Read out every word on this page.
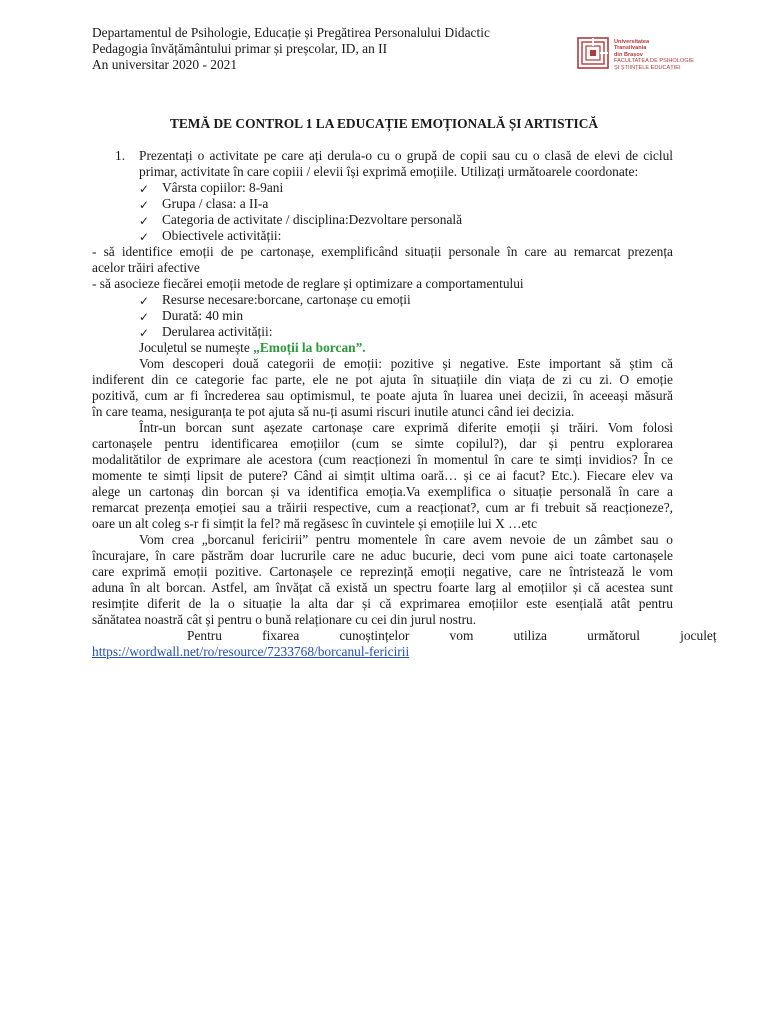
Departamentul de Psihologie, Educație și Pregătirea Personalului Didactic
Pedagogia învățământului primar și preșcolar, ID, an II
An universitar 2020 - 2021
Universitatea
Transilvania
din Brașov
FACULTATEA DE PSIHOLOGIE
ȘI ȘTIINȚELE EDUCAȚIEI
TEMĂ DE CONTROL 1 LA EDUCAȚIE EMOȚIONALĂ ȘI ARTISTICĂ
1. Prezentați o activitate pe care ați derula-o cu o grupă de copii sau cu o clasă de elevi de ciclul
primar, activitate în care copiii / elevii își exprimă emoțiile. Utilizați următoarele coordonate:
✓
Vârsta copiilor: 8-9ani
✓
Grupa / clasa: a II-a
✓
Categoria de activitate / disciplina:Dezvoltare personală
✓
Obiectivele activității:
- să identifice emoții de pe cartonașe, exemplificând situații personale în care au remarcat prezența
acelor trăiri afective
- să asocieze fiecărei emoții metode de reglare și optimizare a comportamentului
✓
Resurse necesare:borcane, cartonașe cu emoții
✓
Durată: 40 min
✓
Derularea activității:
Jocul̦etul se numește „Emoții la borcan”.
Vom descoperi două categorii de emoții: pozitive și negative. Este important să știm că
indiferent din ce categorie fac parte, ele ne pot ajuta în situațiile din viața de zi cu zi. O emoție
pozitivă, cum ar fi încrederea sau optimismul, te poate ajuta în luarea unei decizii, în aceeași măsură
în care teama, nesiguranța te pot ajuta să nu-ți asumi riscuri inutile atunci când iei decizia.
Într-un borcan sunt așezate cartonașe care exprimă diferite emoții și trăiri. Vom folosi
cartonașele pentru identificarea emoțiilor (cum se simte copilul?), dar și pentru explorarea
modalitătilor de exprimare ale acestora (cum reacționezi în momentul în care te simți invidios? În ce
momente te simți lipsit de putere? Când ai simțit ultima oară… și ce ai facut? Etc.). Fiecare elev va
alege un cartonaș din borcan și va identifica emoția.Va exemplifica o situație personală în care a
remarcat prezența emoției sau a trăirii respective, cum a reacționat?, cum ar fi trebuit să reacționeze?,
oare un alt coleg s-r fi simțit la fel? mă regăsesc în cuvintele și emoțiile lui X …etc
Vom crea „borcanul fericirii” pentru momentele în care avem nevoie de un zâmbet sau o
încurajare, în care păstrăm doar lucrurile care ne aduc bucurie, deci vom pune aici toate cartonașele
care exprimă emoții pozitive. Cartonașele ce reprezință emoții negative, care ne întristează le vom
aduna în alt borcan. Astfel, am învățat că există un spectru foarte larg al emoțiilor și că acestea sunt
resimțite diferit de la o situație la alta dar și că exprimarea emoțiilor este esențială atât pentru
sănătatea noastră cât și pentru o bună relaționare cu cei din jurul nostru.
Pentru            fixarea            cunoștințelor            vom            utiliza            următorul            joculeț
https://wordwall.net/ro/resource/7233768/borcanul-fericirii
